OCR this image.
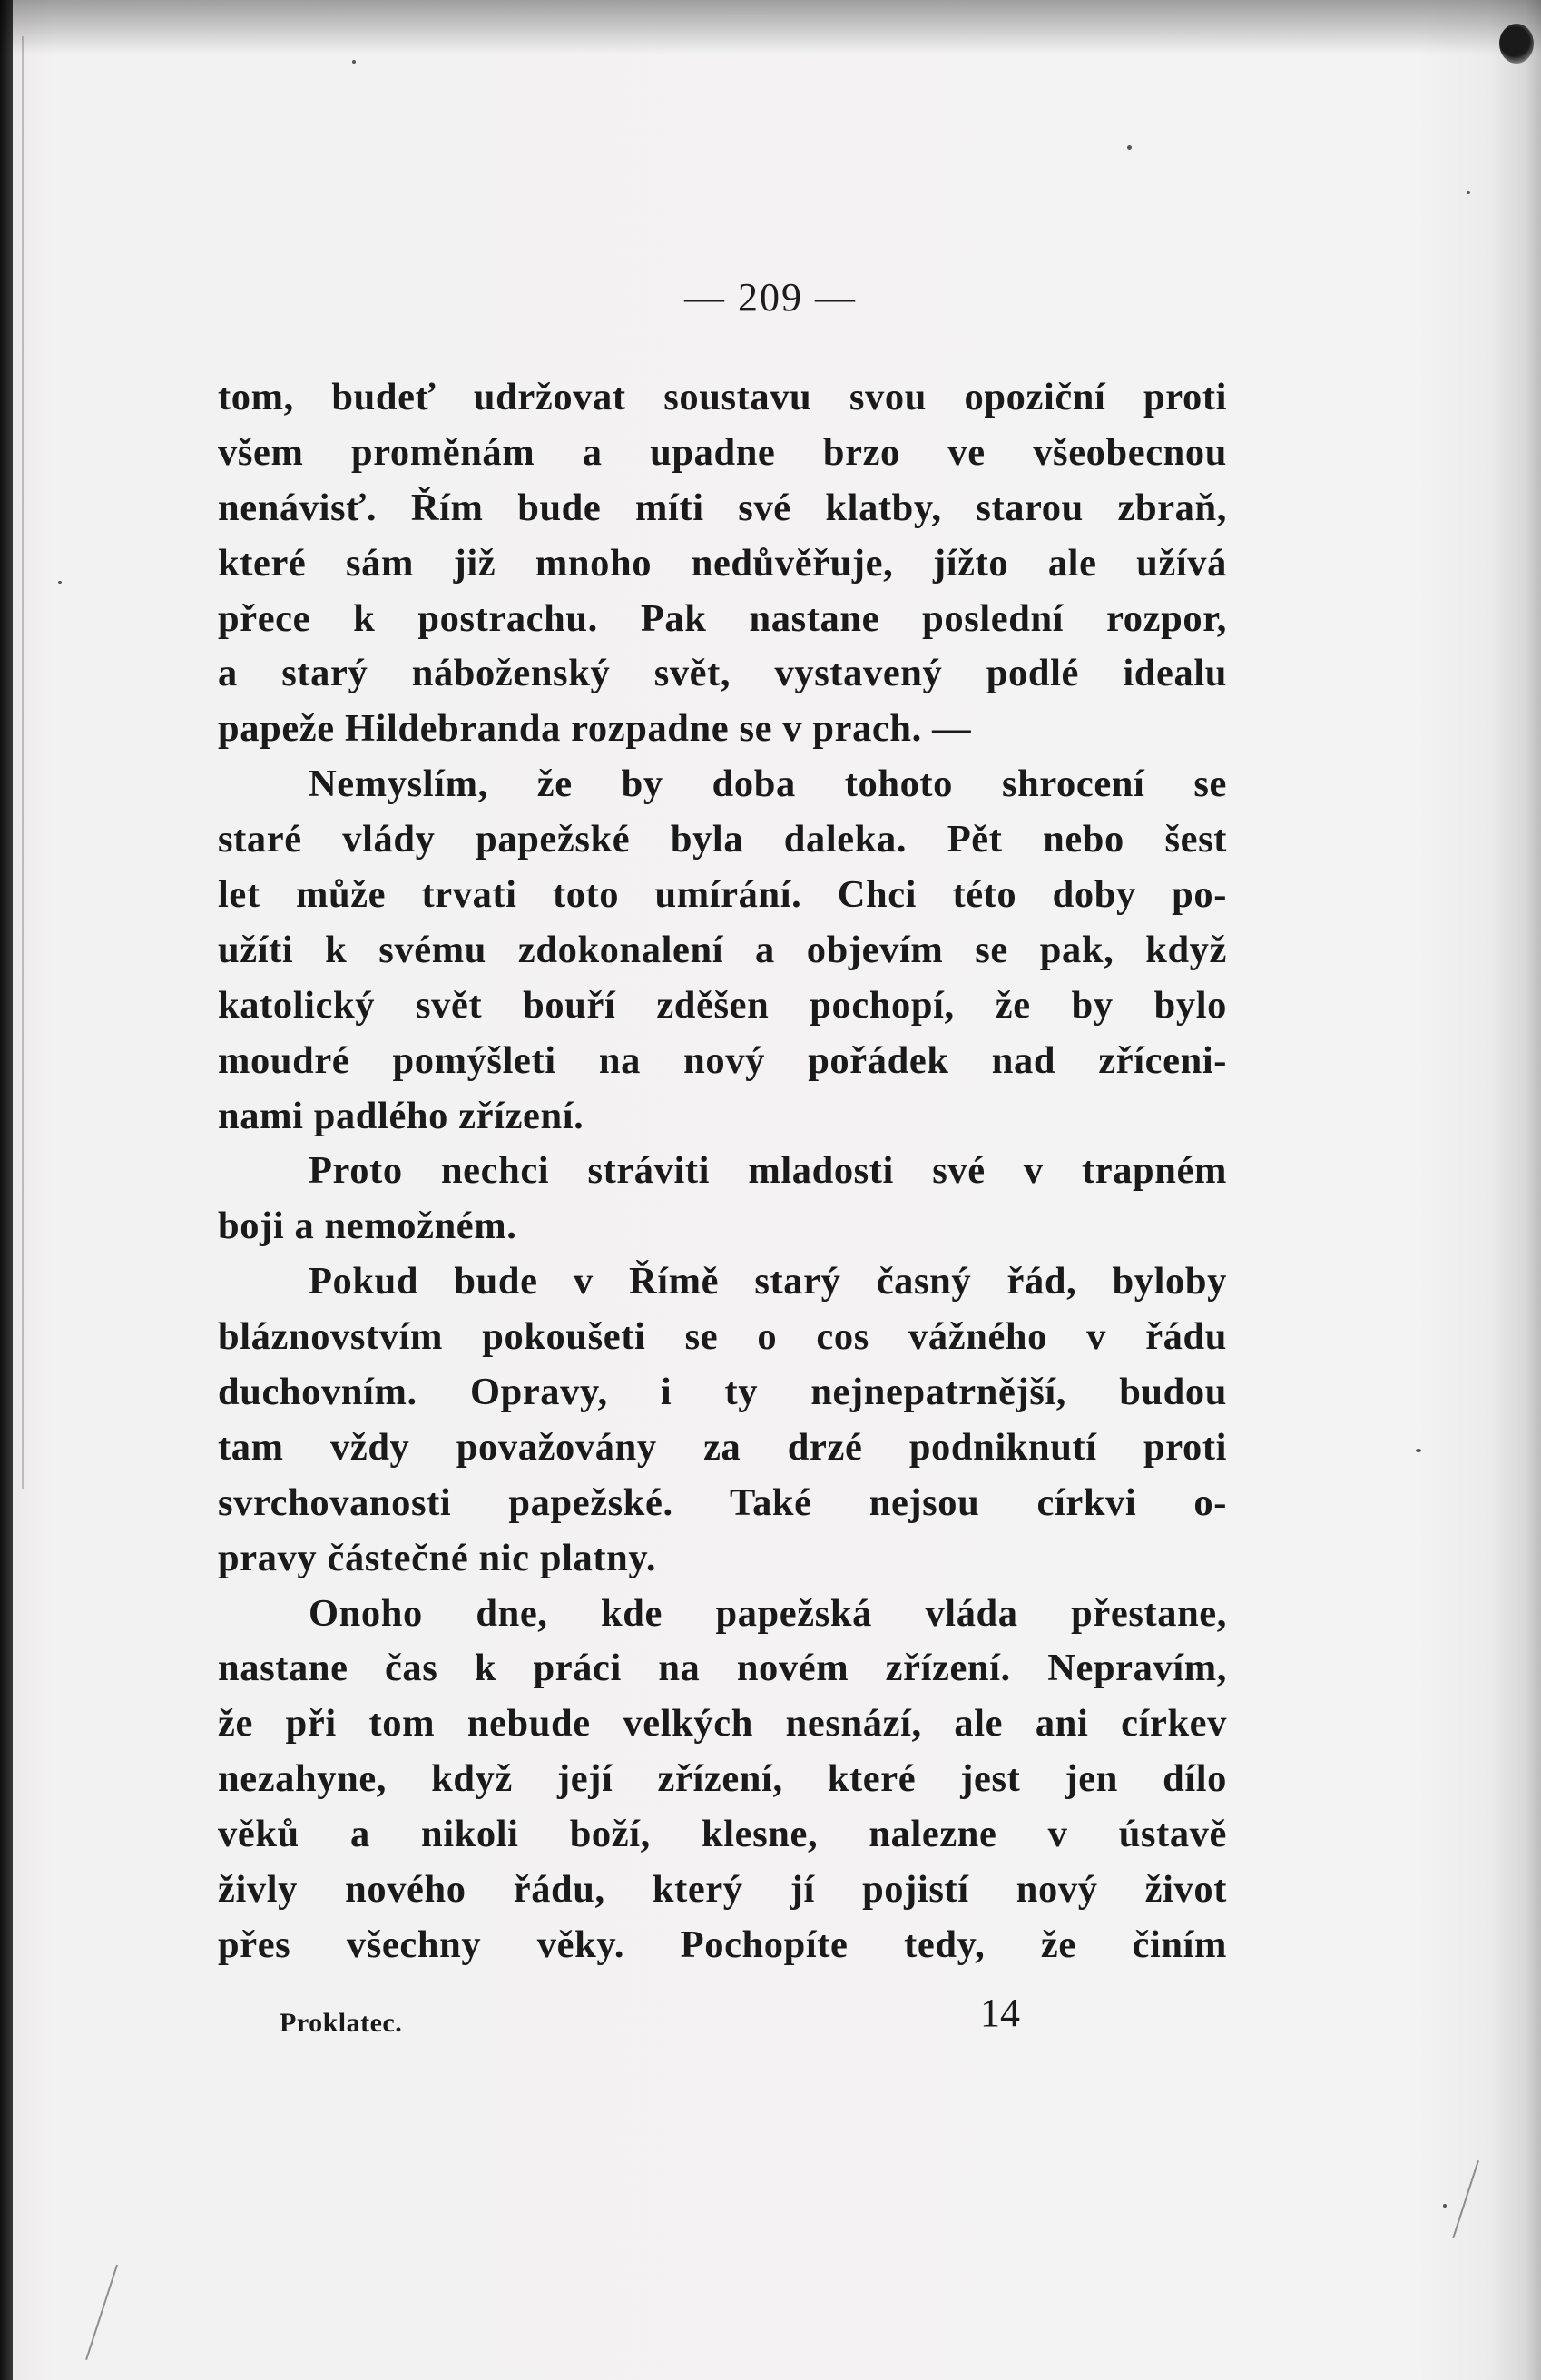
— 209 —
tom, budeť udržovat soustavu svou opoziční proti
všem proměnám a upadne brzo ve všeobecnou
nenávisť. Řím bude míti své klatby, starou zbraň,
které sám již mnoho nedůvěřuje, jížto ale užívá
přece k postrachu. Pak nastane poslední rozpor,
a starý náboženský svět, vystavený podlé idealu
papeže Hildebranda rozpadne se v prach. —
Nemyslím, že by doba tohoto shrocení se
staré vlády papežské byla daleka. Pět nebo šest
let může trvati toto umírání. Chci této doby po-
užíti k svému zdokonalení a objevím se pak, když
katolický svět bouří zděšen pochopí, že by bylo
moudré pomýšleti na nový pořádek nad zříceni-
nami padlého zřízení.
Proto nechci stráviti mladosti své v trapném
boji a nemožném.
Pokud bude v Římě starý časný řád, byloby
bláznovstvím pokoušeti se o cos vážného v řádu
duchovním. Opravy, i ty nejnepatrnější, budou
tam vždy považovány za drzé podniknutí proti
svrchovanosti papežské. Také nejsou církvi o-
pravy částečné nic platny.
Onoho dne, kde papežská vláda přestane,
nastane čas k práci na novém zřízení. Nepravím,
že při tom nebude velkých nesnází, ale ani církev
nezahyne, když její zřízení, které jest jen dílo
věků a nikoli boží, klesne, nalezne v ústavě
živly nového řádu, který jí pojistí nový život
přes všechny věky. Pochopíte tedy, že činím
Proklatec.	14
